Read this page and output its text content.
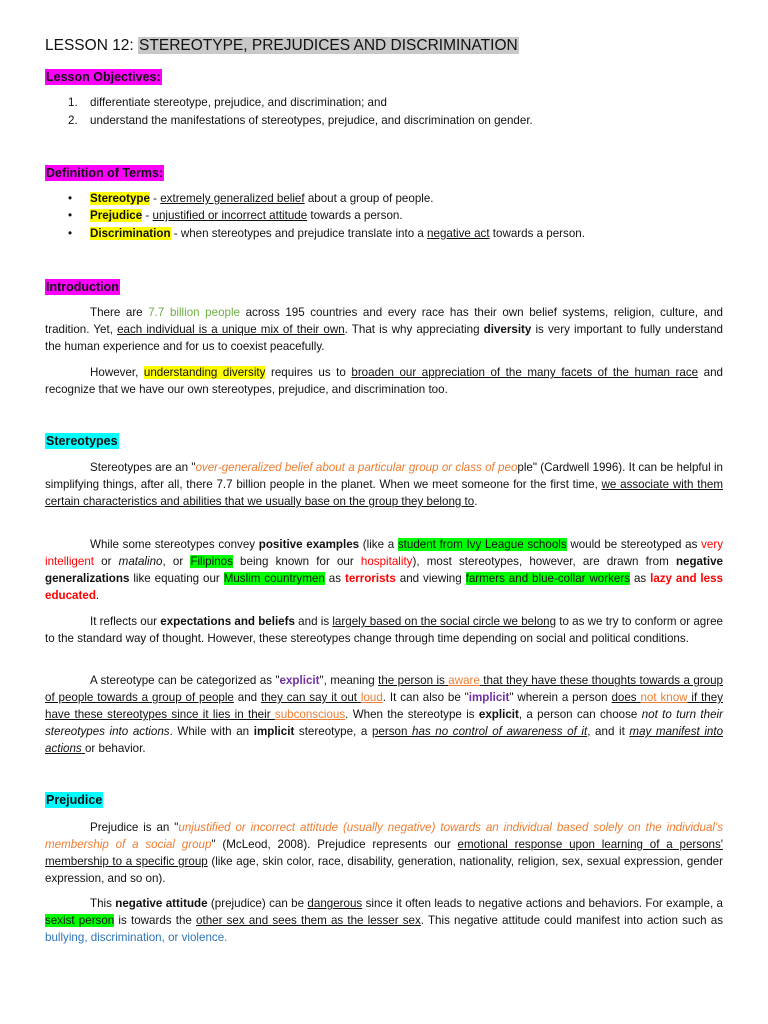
LESSON 12: STEREOTYPE, PREJUDICES AND DISCRIMINATION
Lesson Objectives:
1. differentiate stereotype, prejudice, and discrimination; and
2. understand the manifestations of stereotypes, prejudice, and discrimination on gender.
Definition of Terms:
• Stereotype - extremely generalized belief about a group of people.
• Prejudice - unjustified or incorrect attitude towards a person.
• Discrimination - when stereotypes and prejudice translate into a negative act towards a person.
Introduction
There are 7.7 billion people across 195 countries and every race has their own belief systems, religion, culture, and tradition. Yet, each individual is a unique mix of their own. That is why appreciating diversity is very important to fully understand the human experience and for us to coexist peacefully.
However, understanding diversity requires us to broaden our appreciation of the many facets of the human race and recognize that we have our own stereotypes, prejudice, and discrimination too.
Stereotypes
Stereotypes are an "over-generalized belief about a particular group or class of people" (Cardwell 1996). It can be helpful in simplifying things, after all, there 7.7 billion people in the planet. When we meet someone for the first time, we associate with them certain characteristics and abilities that we usually base on the group they belong to.
While some stereotypes convey positive examples (like a student from Ivy League schools would be stereotyped as very intelligent or matalino, or Filipinos being known for our hospitality), most stereotypes, however, are drawn from negative generalizations like equating our Muslim countrymen as terrorists and viewing farmers and blue-collar workers as lazy and less educated.
It reflects our expectations and beliefs and is largely based on the social circle we belong to as we try to conform or agree to the standard way of thought. However, these stereotypes change through time depending on social and political conditions.
A stereotype can be categorized as "explicit", meaning the person is aware that they have these thoughts towards a group of people towards a group of people and they can say it out loud. It can also be "implicit" wherein a person does not know if they have these stereotypes since it lies in their subconscious. When the stereotype is explicit, a person can choose not to turn their stereotypes into actions. While with an implicit stereotype, a person has no control of awareness of it, and it may manifest into actions or behavior.
Prejudice
Prejudice is an "unjustified or incorrect attitude (usually negative) towards an individual based solely on the individual's membership of a social group" (McLeod, 2008). Prejudice represents our emotional response upon learning of a persons' membership to a specific group (like age, skin color, race, disability, generation, nationality, religion, sex, sexual expression, gender expression, and so on).
This negative attitude (prejudice) can be dangerous since it often leads to negative actions and behaviors. For example, a sexist person is towards the other sex and sees them as the lesser sex. This negative attitude could manifest into action such as bullying, discrimination, or violence.
